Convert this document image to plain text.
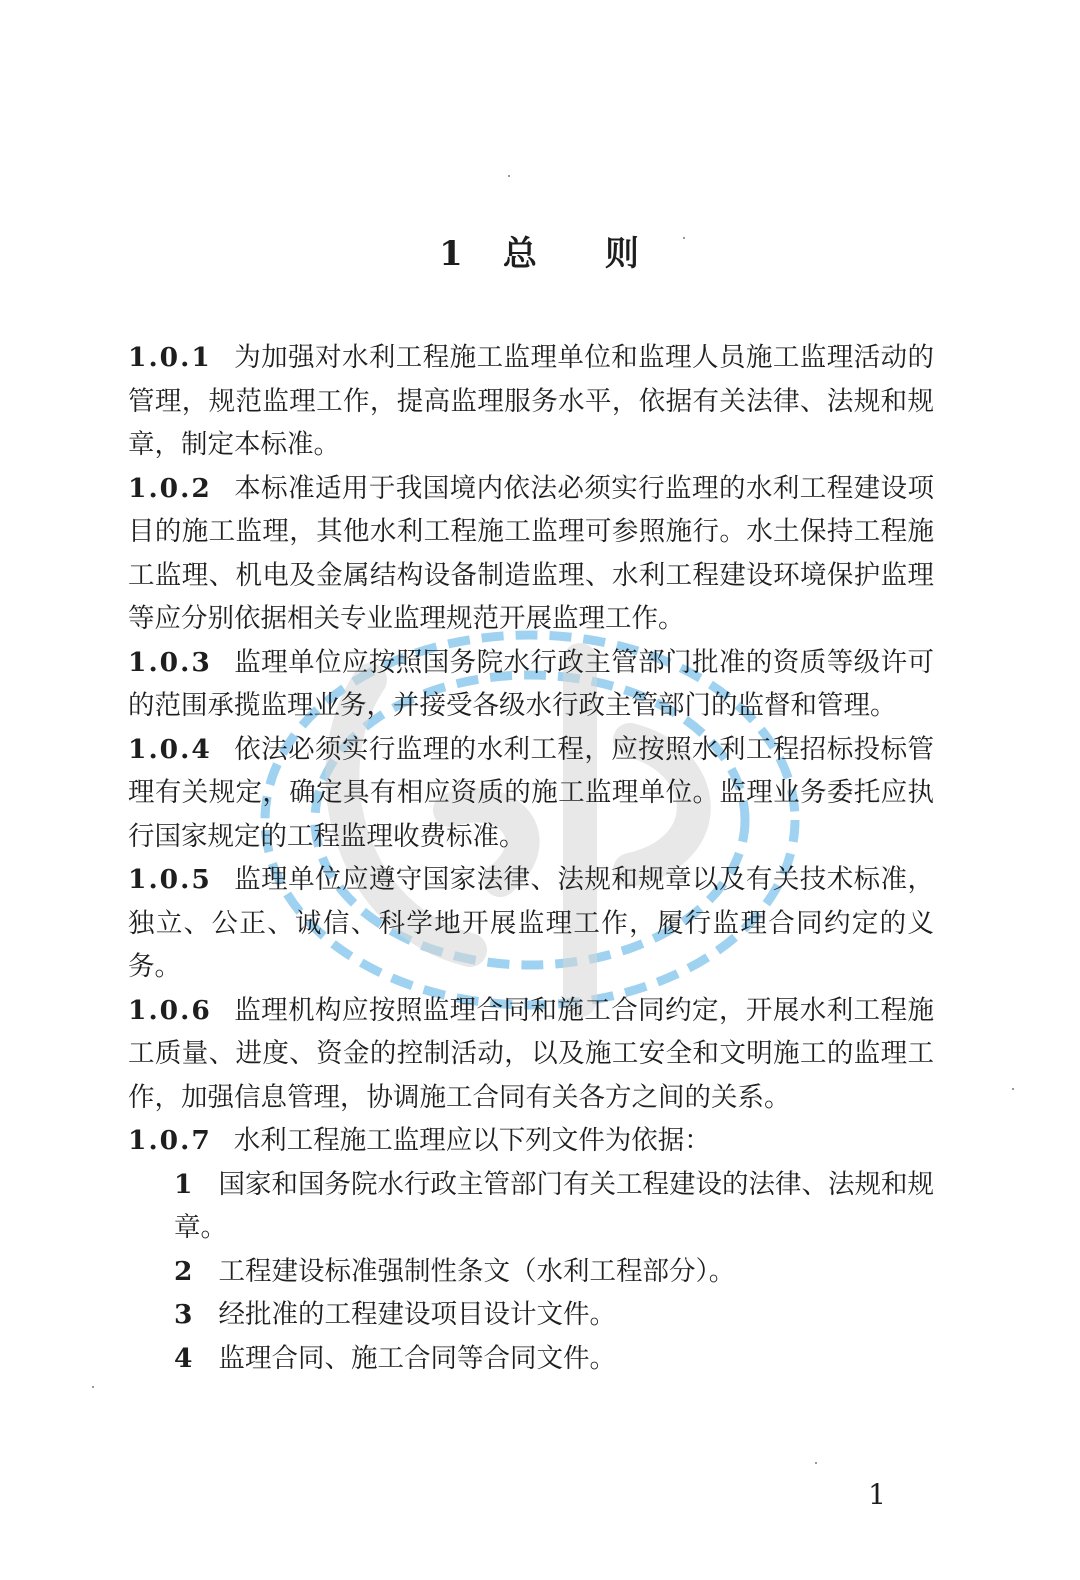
1 总 则

1.0.1 为加强对水利工程施工监理单位和监理人员施工监理活动的管理，规范监理工作，提高监理服务水平，依据有关法律、法规和规章，制定本标准。

1.0.2 本标准适用于我国境内依法必须实行监理的水利工程建设项目的施工监理，其他水利工程施工监理可参照施行。水土保持工程施工监理、机电及金属结构设备制造监理、水利工程建设环境保护监理等应分别依据相关专业监理规范开展监理工作。

1.0.3 监理单位应按照国务院水行政主管部门批准的资质等级许可的范围承揽监理业务，并接受各级水行政主管部门的监督和管理。

1.0.4 依法必须实行监理的水利工程，应按照水利工程招标投标管理有关规定，确定具有相应资质的施工监理单位。监理业务委托应执行国家规定的工程监理收费标准。

1.0.5 监理单位应遵守国家法律、法规和规章以及有关技术标准，独立、公正、诚信、科学地开展监理工作，履行监理合同约定的义务。

1.0.6 监理机构应按照监理合同和施工合同约定，开展水利工程施工质量、进度、资金的控制活动，以及施工安全和文明施工的监理工作，加强信息管理，协调施工合同有关各方之间的关系。

1.0.7 水利工程施工监理应以下列文件为依据：

1 国家和国务院水行政主管部门有关工程建设的法律、法规和规章。

2 工程建设标准强制性条文（水利工程部分）。

3 经批准的工程建设项目设计文件。

4 监理合同、施工合同等合同文件。

1
